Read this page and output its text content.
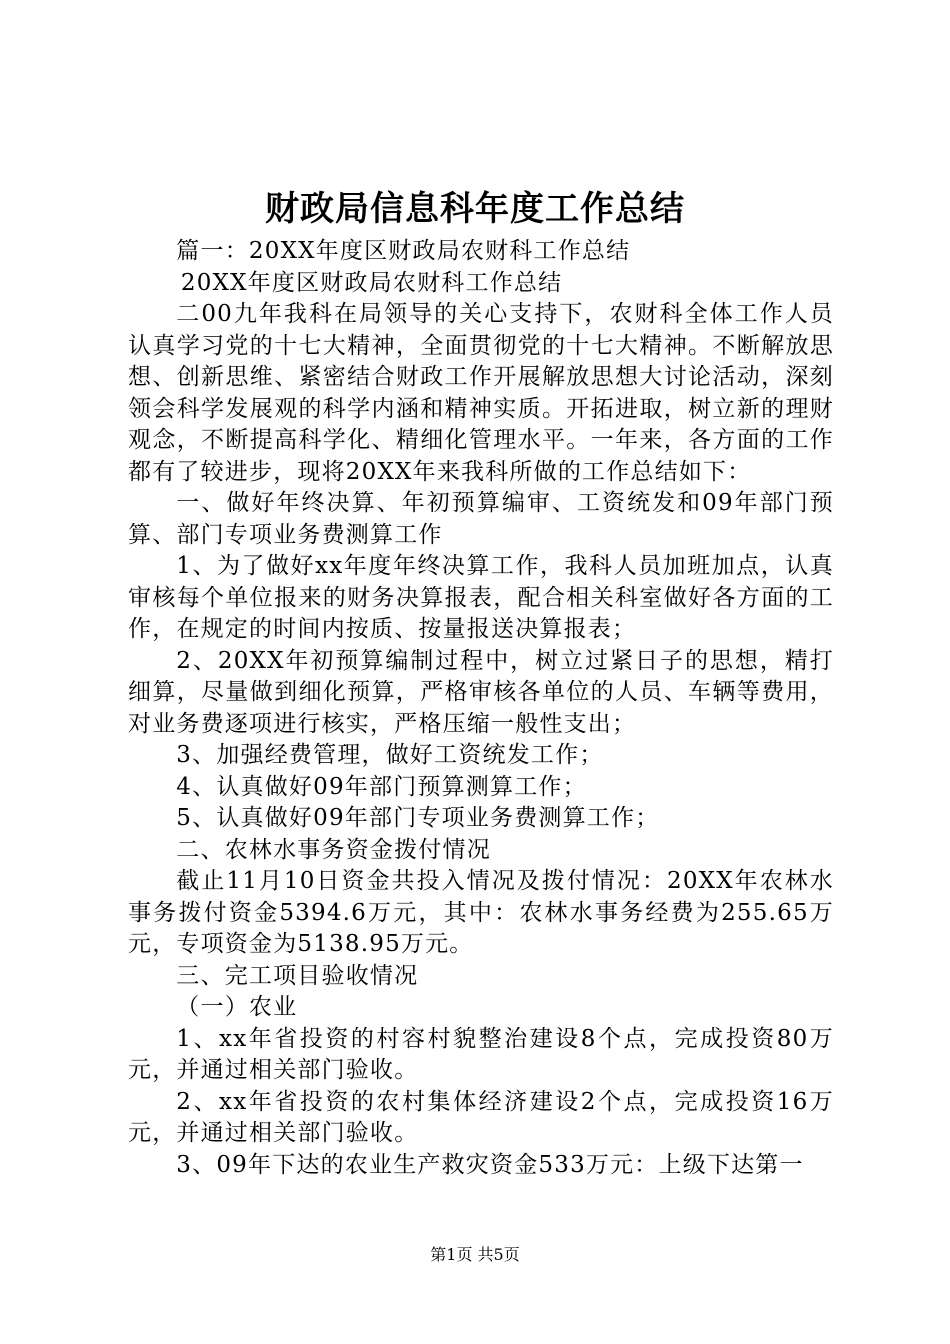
财政局信息科年度工作总结

篇一：20XX年度区财政局农财科工作总结

20XX年度区财政局农财科工作总结

二00九年我科在局领导的关心支持下，农财科全体工作人员认真学习党的十七大精神，全面贯彻党的十七大精神。不断解放思想、创新思维、紧密结合财政工作开展解放思想大讨论活动，深刻领会科学发展观的科学内涵和精神实质。开拓进取，树立新的理财观念，不断提高科学化、精细化管理水平。一年来，各方面的工作都有了较进步，现将20XX年来我科所做的工作总结如下：

一、做好年终决算、年初预算编审、工资统发和09年部门预算、部门专项业务费测算工作

1、为了做好xx年度年终决算工作，我科人员加班加点，认真审核每个单位报来的财务决算报表，配合相关科室做好各方面的工作，在规定的时间内按质、按量报送决算报表；

2、20XX年初预算编制过程中，树立过紧日子的思想，精打细算，尽量做到细化预算，严格审核各单位的人员、车辆等费用，对业务费逐项进行核实，严格压缩一般性支出；

3、加强经费管理，做好工资统发工作；

4、认真做好09年部门预算测算工作；

5、认真做好09年部门专项业务费测算工作；

二、农林水事务资金拨付情况

截止11月10日资金共投入情况及拨付情况：20XX年农林水事务拨付资金5394.6万元，其中：农林水事务经费为255.65万元，专项资金为5138.95万元。

三、完工项目验收情况

（一）农业

1、xx年省投资的村容村貌整治建设8个点，完成投资80万元，并通过相关部门验收。

2、xx年省投资的农村集体经济建设2个点，完成投资16万元，并通过相关部门验收。

3、09年下达的农业生产救灾资金533万元：上级下达第一

第1页 共5页
